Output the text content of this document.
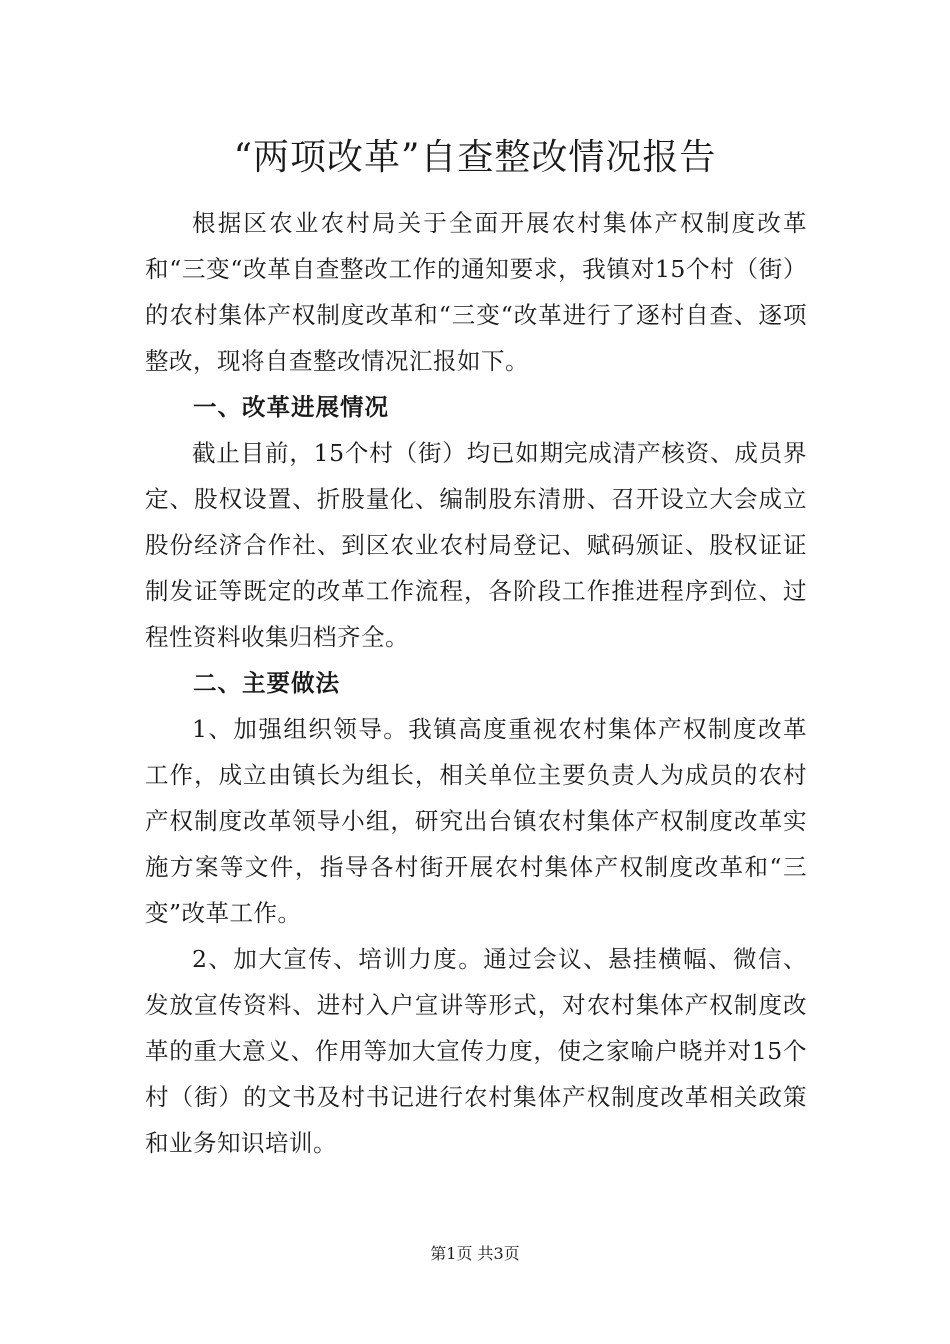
“两项改革”自查整改情况报告

根据区农业农村局关于全面开展农村集体产权制度改革和“三变“改革自查整改工作的通知要求，我镇对15个村（街）的农村集体产权制度改革和“三变“改革进行了逐村自查、逐项整改，现将自查整改情况汇报如下。

一、改革进展情况

截止目前，15个村（街）均已如期完成清产核资、成员界定、股权设置、折股量化、编制股东清册、召开设立大会成立股份经济合作社、到区农业农村局登记、赋码颁证、股权证证制发证等既定的改革工作流程，各阶段工作推进程序到位、过程性资料收集归档齐全。

二、主要做法

1、加强组织领导。我镇高度重视农村集体产权制度改革工作，成立由镇长为组长，相关单位主要负责人为成员的农村产权制度改革领导小组，研究出台镇农村集体产权制度改革实施方案等文件，指导各村街开展农村集体产权制度改革和“三变”改革工作。

2、加大宣传、培训力度。通过会议、悬挂横幅、微信、发放宣传资料、进村入户宣讲等形式，对农村集体产权制度改革的重大意义、作用等加大宣传力度，使之家喻户晓并对15个村（街）的文书及村书记进行农村集体产权制度改革相关政策和业务知识培训。

第1页 共3页
